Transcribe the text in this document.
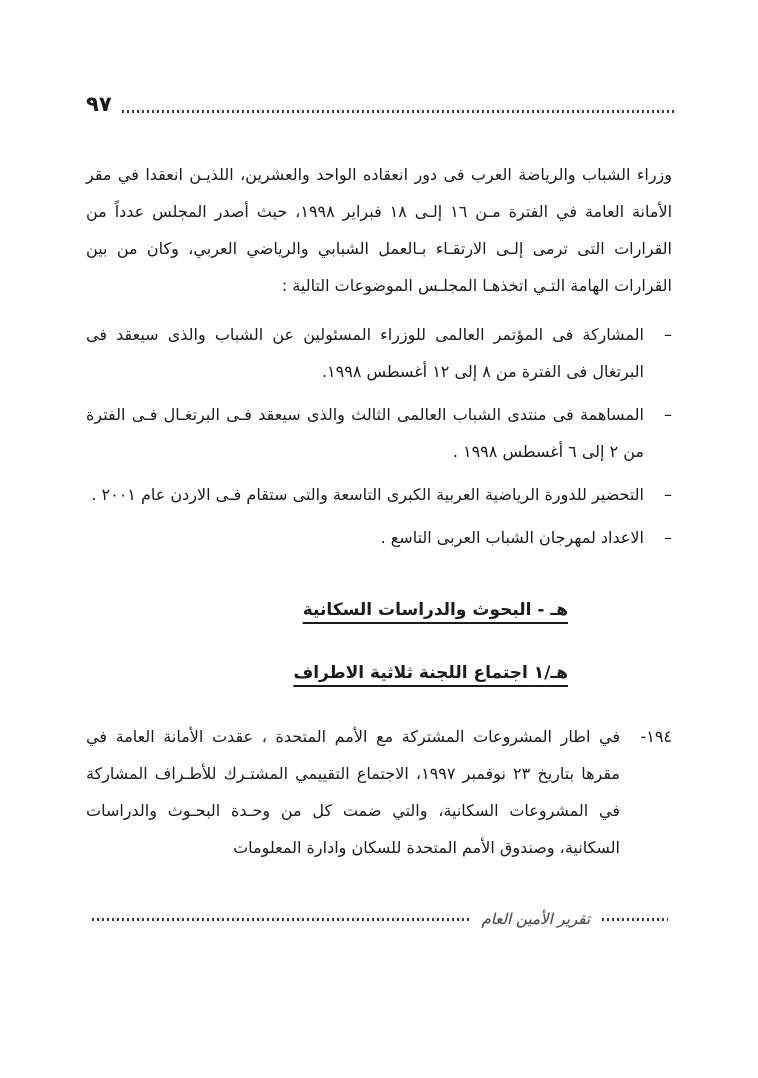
٩٧

وزراء الشباب والرياضة العرب فى دور انعقاده الواحد والعشرين، اللذيـن انعقدا في مقر الأمانة العامة في الفترة مـن ١٦ إلـى ١٨ فبراير ١٩٩٨، حيث أصدر المجلس عدداً من القرارات التى ترمى إلـى الارتقـاء بـالعمل الشبابي والرياضي العربي، وكان من بين القرارات الهامة التـي اتخذهـا المجلـس الموضوعات التالية :

–
المشاركة فى المؤتمر العالمى للوزراء المسئولين عن الشباب والذى سيعقد فى البرتغال فى الفترة من ٨ إلى ١٢ أغسطس ١٩٩٨.
–
المساهمة فى منتدى الشباب العالمى الثالث والذى سيعقد فـى البرتغـال فـى الفترة من ٢ إلى ٦ أغسطس ١٩٩٨ .
–
التحضير للدورة الرياضية العربية الكبرى التاسعة والتى ستقام فـى الاردن عام ٢٠٠١ .
–
الاعداد لمهرجان الشباب العربى التاسع .
هـ - البحوث والدراسات السكانية
هـ/١ اجتماع اللجنة ثلاثية الاطراف
١٩٤-
في اطار المشروعات المشتركة مع الأمم المتحدة ، عقدت الأمانة العامة في مقرها بتاريخ ٢٣ نوفمبر ١٩٩٧، الاجتماع التقييمي المشتـرك للأطـراف المشاركة في المشروعات السكانية، والتي ضمت كل من وحـدة البحـوث والدراسات السكانية، وصندوق الأمم المتحدة للسكان وادارة المعلومات
تقرير الأمين العام
